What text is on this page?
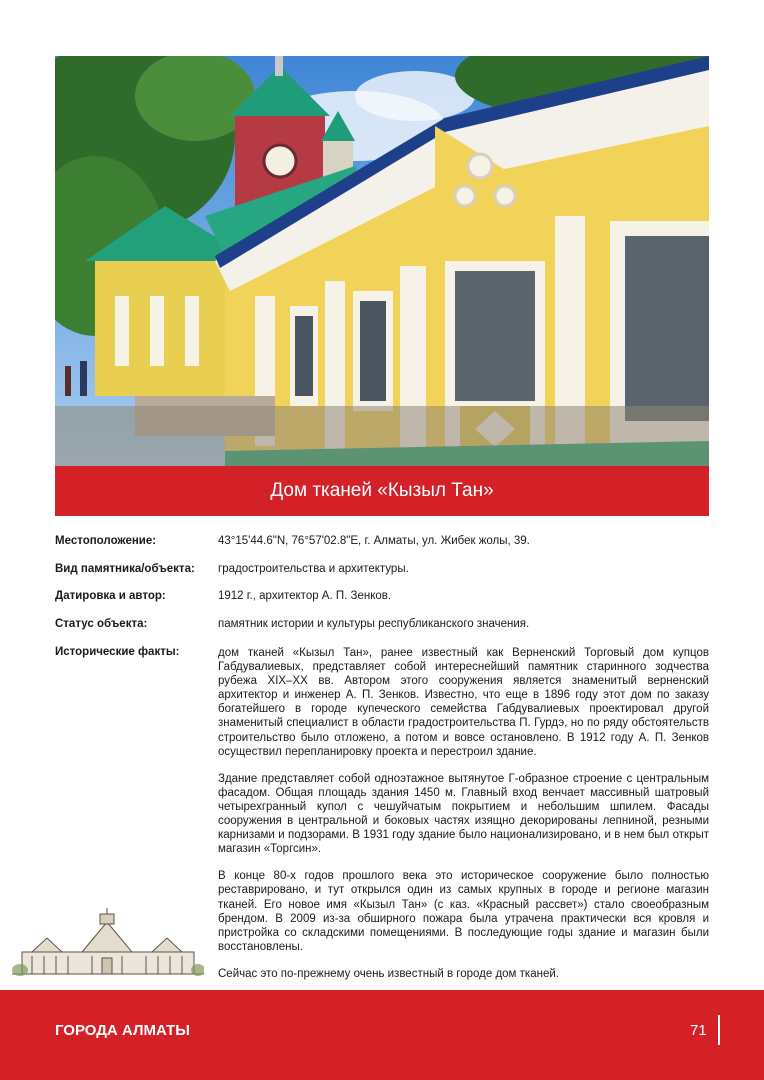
Дом тканей «Кызыл Тан»
Местоположение:	43°15'44.6"N, 76°57'02.8"E, г. Алматы, ул. Жибек жолы, 39.
Вид памятника/объекта: градостроительства и архитектуры.
Датировка и автор:	1912 г., архитектор А. П. Зенков.
Статус объекта:	памятник истории и культуры республиканского значения.
Исторические факты:	дом тканей «Кызыл Тан», ранее известный как Верненский Торговый дом купцов Габдувалиевых, представляет собой интереснейший памятник старинного зодчества рубежа XIX–XX вв. Автором этого сооружения является знаменитый верненский архитектор и инженер А. П. Зенков. Известно, что еще в 1896 году этот дом по заказу богатейшего в городе купеческого семейства Габдувалиевых проектировал другой знаменитый специалист в области градостроительства П. Гурдэ, но по ряду обстоятельств строительство было отложено, а потом и вовсе остановлено. В 1912 году А. П. Зенков осуществил перепланировку проекта и перестроил здание.

Здание представляет собой одноэтажное вытянутое Г-образное строение с центральным фасадом. Общая площадь здания 1450 м. Главный вход венчает массивный шатровый четырехгранный купол с чешуйчатым покрытием и небольшим шпилем. Фасады сооружения в центральной и боковых частях изящно декорированы лепниной, резными карнизами и подзорами. В 1931 году здание было национализировано, и в нем был открыт магазин «Торгсин».

В конце 80-х годов прошлого века это историческое сооружение было полностью реставрировано, и тут открылся один из самых крупных в городе и регионе магазин тканей. Его новое имя «Кызыл Тан» (с каз. «Красный рассвет») стало своеобразным брендом. В 2009 из-за обширного пожара была утрачена практически вся кровля и пристройка со складскими помещениями. В последующие годы здание и магазин были восстановлены.

Сейчас это по-прежнему очень известный в городе дом тканей.

ГОРОДА АЛМАТЫ	71
